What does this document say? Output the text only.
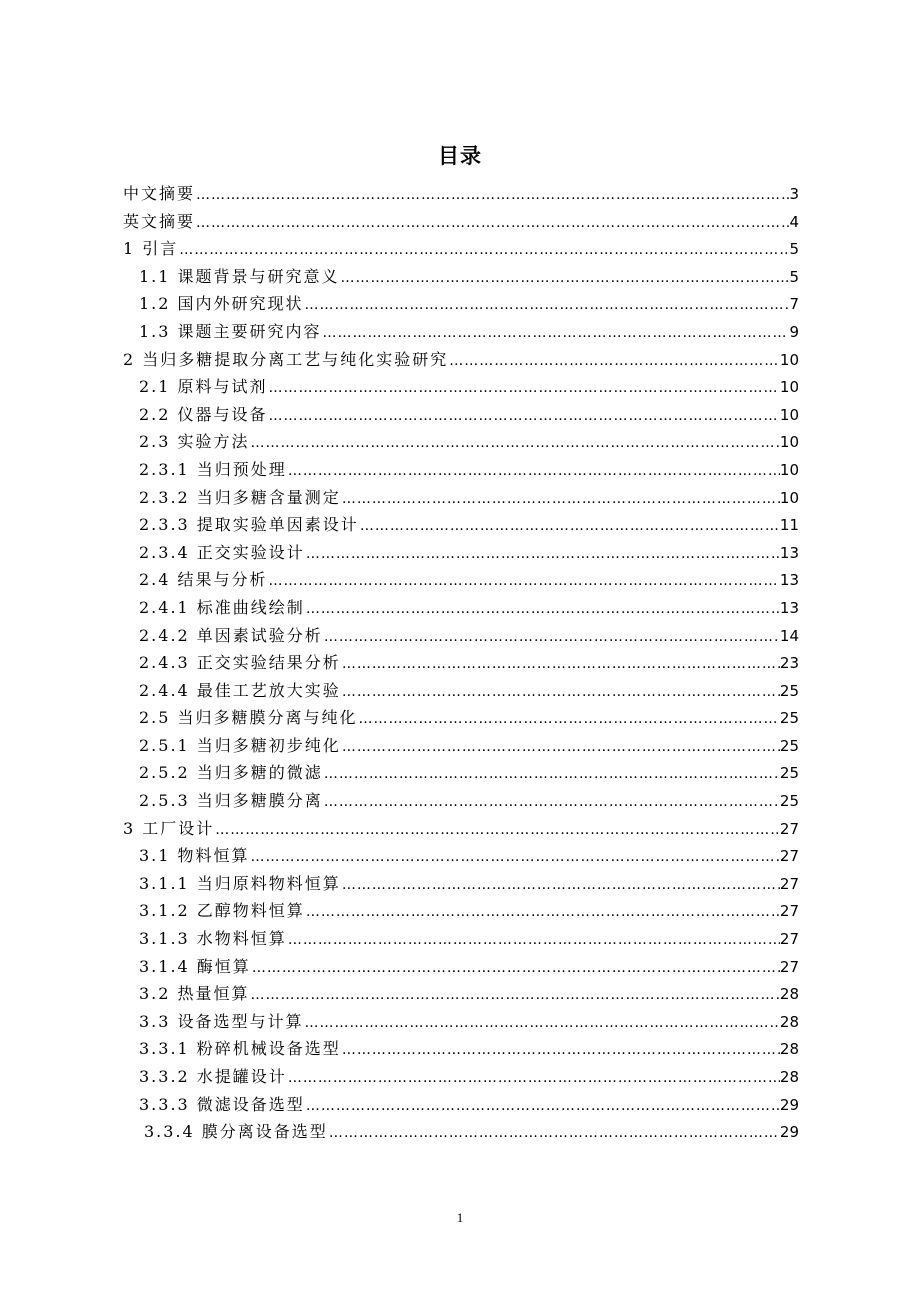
目录
中文摘要 ………………………………………………………………………………………………………………………………………………………………………………………………	3
英文摘要 ………………………………………………………………………………………………………………………………………………………………………………………………	4
1 引言 ………………………………………………………………………………………………………………………………………………………………………………………………	5
1.1 课题背景与研究意义 ………………………………………………………………………………………………………………………………………………………………………………………………	5
1.2 国内外研究现状 ………………………………………………………………………………………………………………………………………………………………………………………………	7
1.3 课题主要研究内容 ………………………………………………………………………………………………………………………………………………………………………………………………	9
2 当归多糖提取分离工艺与纯化实验研究 ………………………………………………………………………………………………………………………………………………………………………………………………	10
2.1 原料与试剂 ………………………………………………………………………………………………………………………………………………………………………………………………	10
2.2 仪器与设备 ………………………………………………………………………………………………………………………………………………………………………………………………	10
2.3 实验方法 ………………………………………………………………………………………………………………………………………………………………………………………………	10
2.3.1 当归预处理 ………………………………………………………………………………………………………………………………………………………………………………………………	10
2.3.2 当归多糖含量测定 ………………………………………………………………………………………………………………………………………………………………………………………………	10
2.3.3 提取实验单因素设计 ………………………………………………………………………………………………………………………………………………………………………………………………	11
2.3.4 正交实验设计 ………………………………………………………………………………………………………………………………………………………………………………………………	13
2.4 结果与分析 ………………………………………………………………………………………………………………………………………………………………………………………………	13
2.4.1 标准曲线绘制 ………………………………………………………………………………………………………………………………………………………………………………………………	13
2.4.2 单因素试验分析 ………………………………………………………………………………………………………………………………………………………………………………………………	14
2.4.3 正交实验结果分析 ………………………………………………………………………………………………………………………………………………………………………………………………	23
2.4.4 最佳工艺放大实验 ………………………………………………………………………………………………………………………………………………………………………………………………	25
2.5 当归多糖膜分离与纯化 ………………………………………………………………………………………………………………………………………………………………………………………………	25
2.5.1 当归多糖初步纯化 ………………………………………………………………………………………………………………………………………………………………………………………………	25
2.5.2 当归多糖的微滤 ………………………………………………………………………………………………………………………………………………………………………………………………	25
2.5.3 当归多糖膜分离 ………………………………………………………………………………………………………………………………………………………………………………………………	25
3 工厂设计 ………………………………………………………………………………………………………………………………………………………………………………………………	27
3.1 物料恒算 ………………………………………………………………………………………………………………………………………………………………………………………………	27
3.1.1 当归原料物料恒算 ………………………………………………………………………………………………………………………………………………………………………………………………	27
3.1.2 乙醇物料恒算 ………………………………………………………………………………………………………………………………………………………………………………………………	27
3.1.3 水物料恒算 ………………………………………………………………………………………………………………………………………………………………………………………………	27
3.1.4 酶恒算 ………………………………………………………………………………………………………………………………………………………………………………………………	27
3.2 热量恒算 ………………………………………………………………………………………………………………………………………………………………………………………………	28
3.3 设备选型与计算 ………………………………………………………………………………………………………………………………………………………………………………………………	28
3.3.1 粉碎机械设备选型 ………………………………………………………………………………………………………………………………………………………………………………………………	28
3.3.2 水提罐设计 ………………………………………………………………………………………………………………………………………………………………………………………………	28
3.3.3 微滤设备选型 ………………………………………………………………………………………………………………………………………………………………………………………………	29
3.3.4 膜分离设备选型 ………………………………………………………………………………………………………………………………………………………………………………………………	29
1
